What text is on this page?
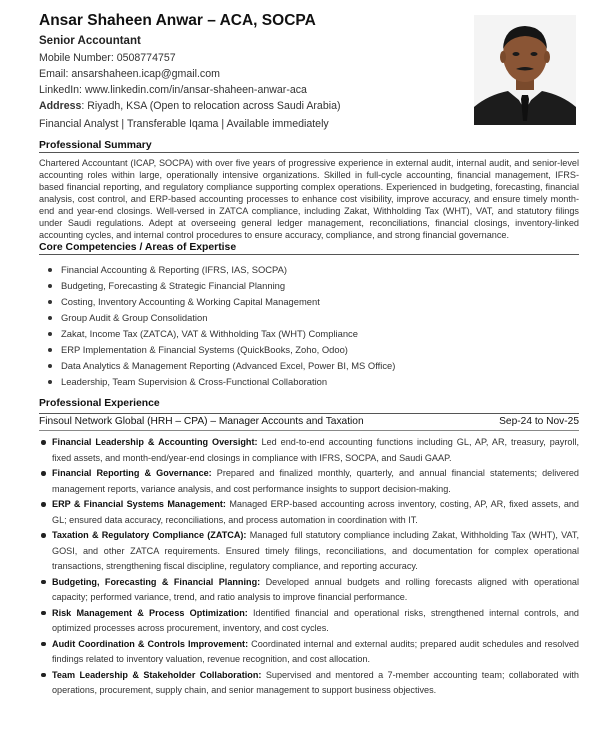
Ansar Shaheen Anwar – ACA, SOCPA
Senior Accountant
Mobile Number: 0508774757
Email: ansarshaheen.icap@gmail.com
LinkedIn: www.linkedin.com/in/ansar-shaheen-anwar-aca
Address: Riyadh, KSA (Open to relocation across Saudi Arabia)
Financial Analyst | Transferable Iqama | Available immediately
Professional Summary

Chartered Accountant (ICAP, SOCPA) with over five years of progressive experience in external audit, internal audit, and senior-level accounting roles within large, operationally intensive organizations. Skilled in full-cycle accounting, financial management, IFRS-based financial reporting, and regulatory compliance supporting complex operations. Experienced in budgeting, forecasting, financial analysis, cost control, and ERP-based accounting processes to enhance cost visibility, improve accuracy, and ensure timely month-end and year-end closings. Well-versed in ZATCA compliance, including Zakat, Withholding Tax (WHT), VAT, and statutory filings under Saudi regulations. Adept at overseeing general ledger management, reconciliations, financial closings, inventory-linked accounting cycles, and internal control procedures to ensure accuracy, compliance, and strong financial governance.

Core Competencies / Areas of Expertise
Financial Accounting & Reporting (IFRS, IAS, SOCPA)
Budgeting, Forecasting & Strategic Financial Planning
Costing, Inventory Accounting & Working Capital Management
Group Audit & Group Consolidation
Zakat, Income Tax (ZATCA), VAT & Withholding Tax (WHT) Compliance
ERP Implementation & Financial Systems (QuickBooks, Zoho, Odoo)
Data Analytics & Management Reporting (Advanced Excel, Power BI, MS Office)
Leadership, Team Supervision & Cross-Functional Collaboration
Professional Experience
Finsoul Network Global (HRH – CPA) – Manager Accounts and Taxation	Sep-24 to Nov-25
Financial Leadership & Accounting Oversight: Led end-to-end accounting functions including GL, AP, AR, treasury, payroll, fixed assets, and month-end/year-end closings in compliance with IFRS, SOCPA, and Saudi GAAP.
Financial Reporting & Governance: Prepared and finalized monthly, quarterly, and annual financial statements; delivered management reports, variance analysis, and cost performance insights to support decision-making.
ERP & Financial Systems Management: Managed ERP-based accounting across inventory, costing, AP, AR, fixed assets, and GL; ensured data accuracy, reconciliations, and process automation in coordination with IT.
Taxation & Regulatory Compliance (ZATCA): Managed full statutory compliance including Zakat, Withholding Tax (WHT), VAT, GOSI, and other ZATCA requirements. Ensured timely filings, reconciliations, and documentation for complex operational transactions, strengthening fiscal discipline, regulatory compliance, and reporting accuracy.
Budgeting, Forecasting & Financial Planning: Developed annual budgets and rolling forecasts aligned with operational capacity; performed variance, trend, and ratio analysis to improve financial performance.
Risk Management & Process Optimization: Identified financial and operational risks, strengthened internal controls, and optimized processes across procurement, inventory, and cost cycles.
Audit Coordination & Controls Improvement: Coordinated internal and external audits; prepared audit schedules and resolved findings related to inventory valuation, revenue recognition, and cost allocation.
Team Leadership & Stakeholder Collaboration: Supervised and mentored a 7-member accounting team; collaborated with operations, procurement, supply chain, and senior management to support business objectives.
